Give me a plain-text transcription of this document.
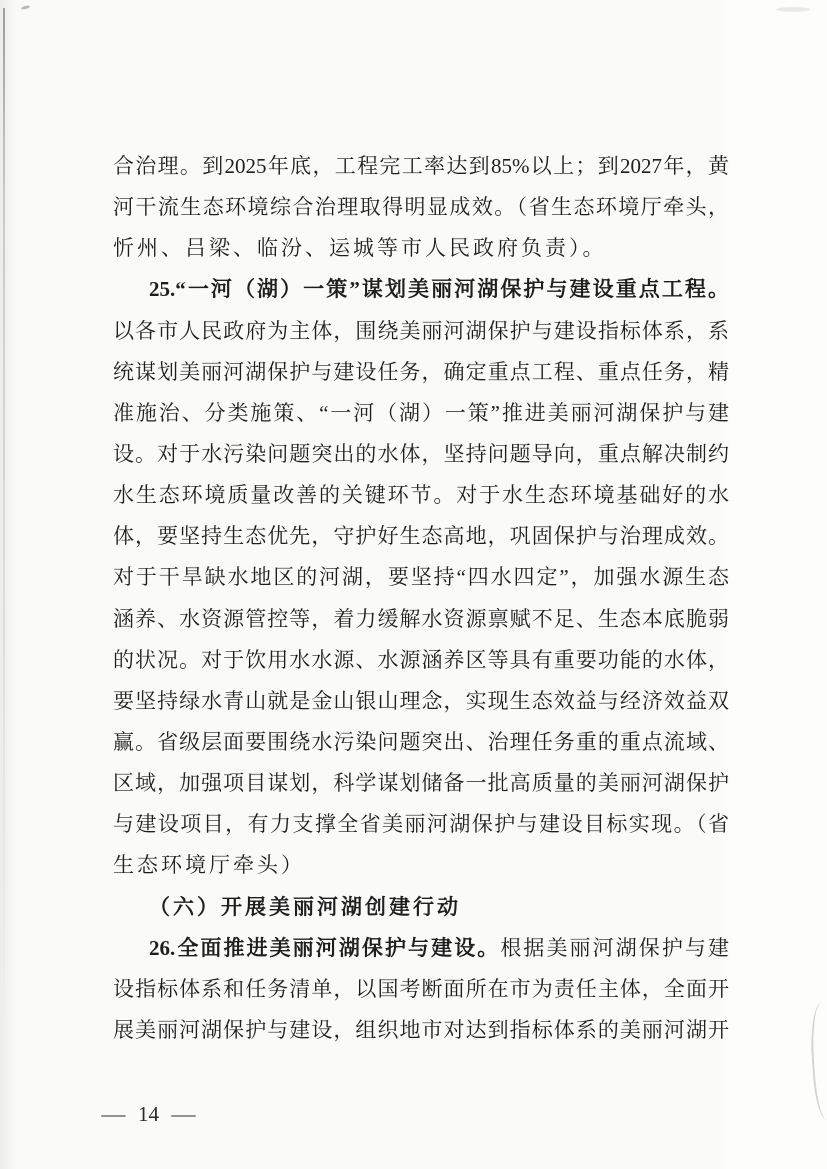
合治理。到2025年底，工程完工率达到85%以上；到2027年，黄
河干流生态环境综合治理取得明显成效。（省生态环境厅牵头，
忻州、吕梁、临汾、运城等市人民政府负责）。
25.“一河（湖）一策”谋划美丽河湖保护与建设重点工程。
以各市人民政府为主体，围绕美丽河湖保护与建设指标体系，系
统谋划美丽河湖保护与建设任务，确定重点工程、重点任务，精
准施治、分类施策、“一河（湖）一策”推进美丽河湖保护与建
设。对于水污染问题突出的水体，坚持问题导向，重点解决制约
水生态环境质量改善的关键环节。对于水生态环境基础好的水
体，要坚持生态优先，守护好生态高地，巩固保护与治理成效。
对于干旱缺水地区的河湖，要坚持“四水四定”，加强水源生态
涵养、水资源管控等，着力缓解水资源禀赋不足、生态本底脆弱
的状况。对于饮用水水源、水源涵养区等具有重要功能的水体，
要坚持绿水青山就是金山银山理念，实现生态效益与经济效益双
赢。省级层面要围绕水污染问题突出、治理任务重的重点流域、
区域，加强项目谋划，科学谋划储备一批高质量的美丽河湖保护
与建设项目，有力支撑全省美丽河湖保护与建设目标实现。（省
生态环境厅牵头）
（六）开展美丽河湖创建行动
26.全面推进美丽河湖保护与建设。根据美丽河湖保护与建
设指标体系和任务清单，以国考断面所在市为责任主体，全面开
展美丽河湖保护与建设，组织地市对达到指标体系的美丽河湖开
— 14 —
